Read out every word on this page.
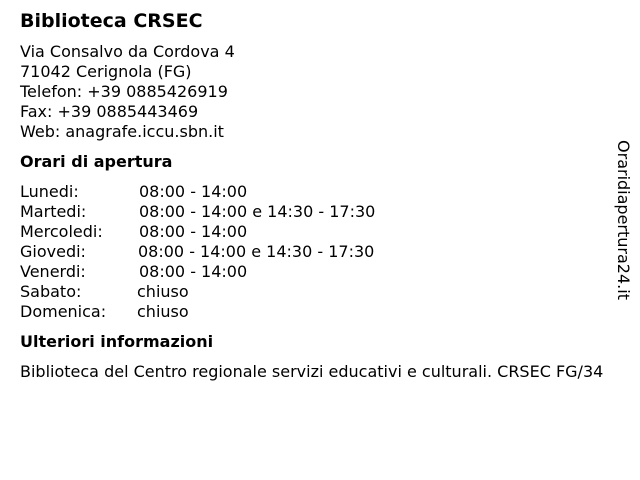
Biblioteca CRSEC
Via Consalvo da Cordova 4
71042 Cerignola (FG)
Telefon: +39 0885426919
Fax: +39 0885443469
Web: anagrafe.iccu.sbn.it
Orari di apertura
Lunedi:	08:00 - 14:00
Martedi:	08:00 - 14:00 e 14:30 - 17:30
Mercoledi:	08:00 - 14:00
Giovedi:	08:00 - 14:00 e 14:30 - 17:30
Venerdi:	08:00 - 14:00
Sabato:	chiuso
Domenica:	chiuso
Ulteriori informazioni
Biblioteca del Centro regionale servizi educativi e culturali. CRSEC FG/34
Oraridiapertura24.it
